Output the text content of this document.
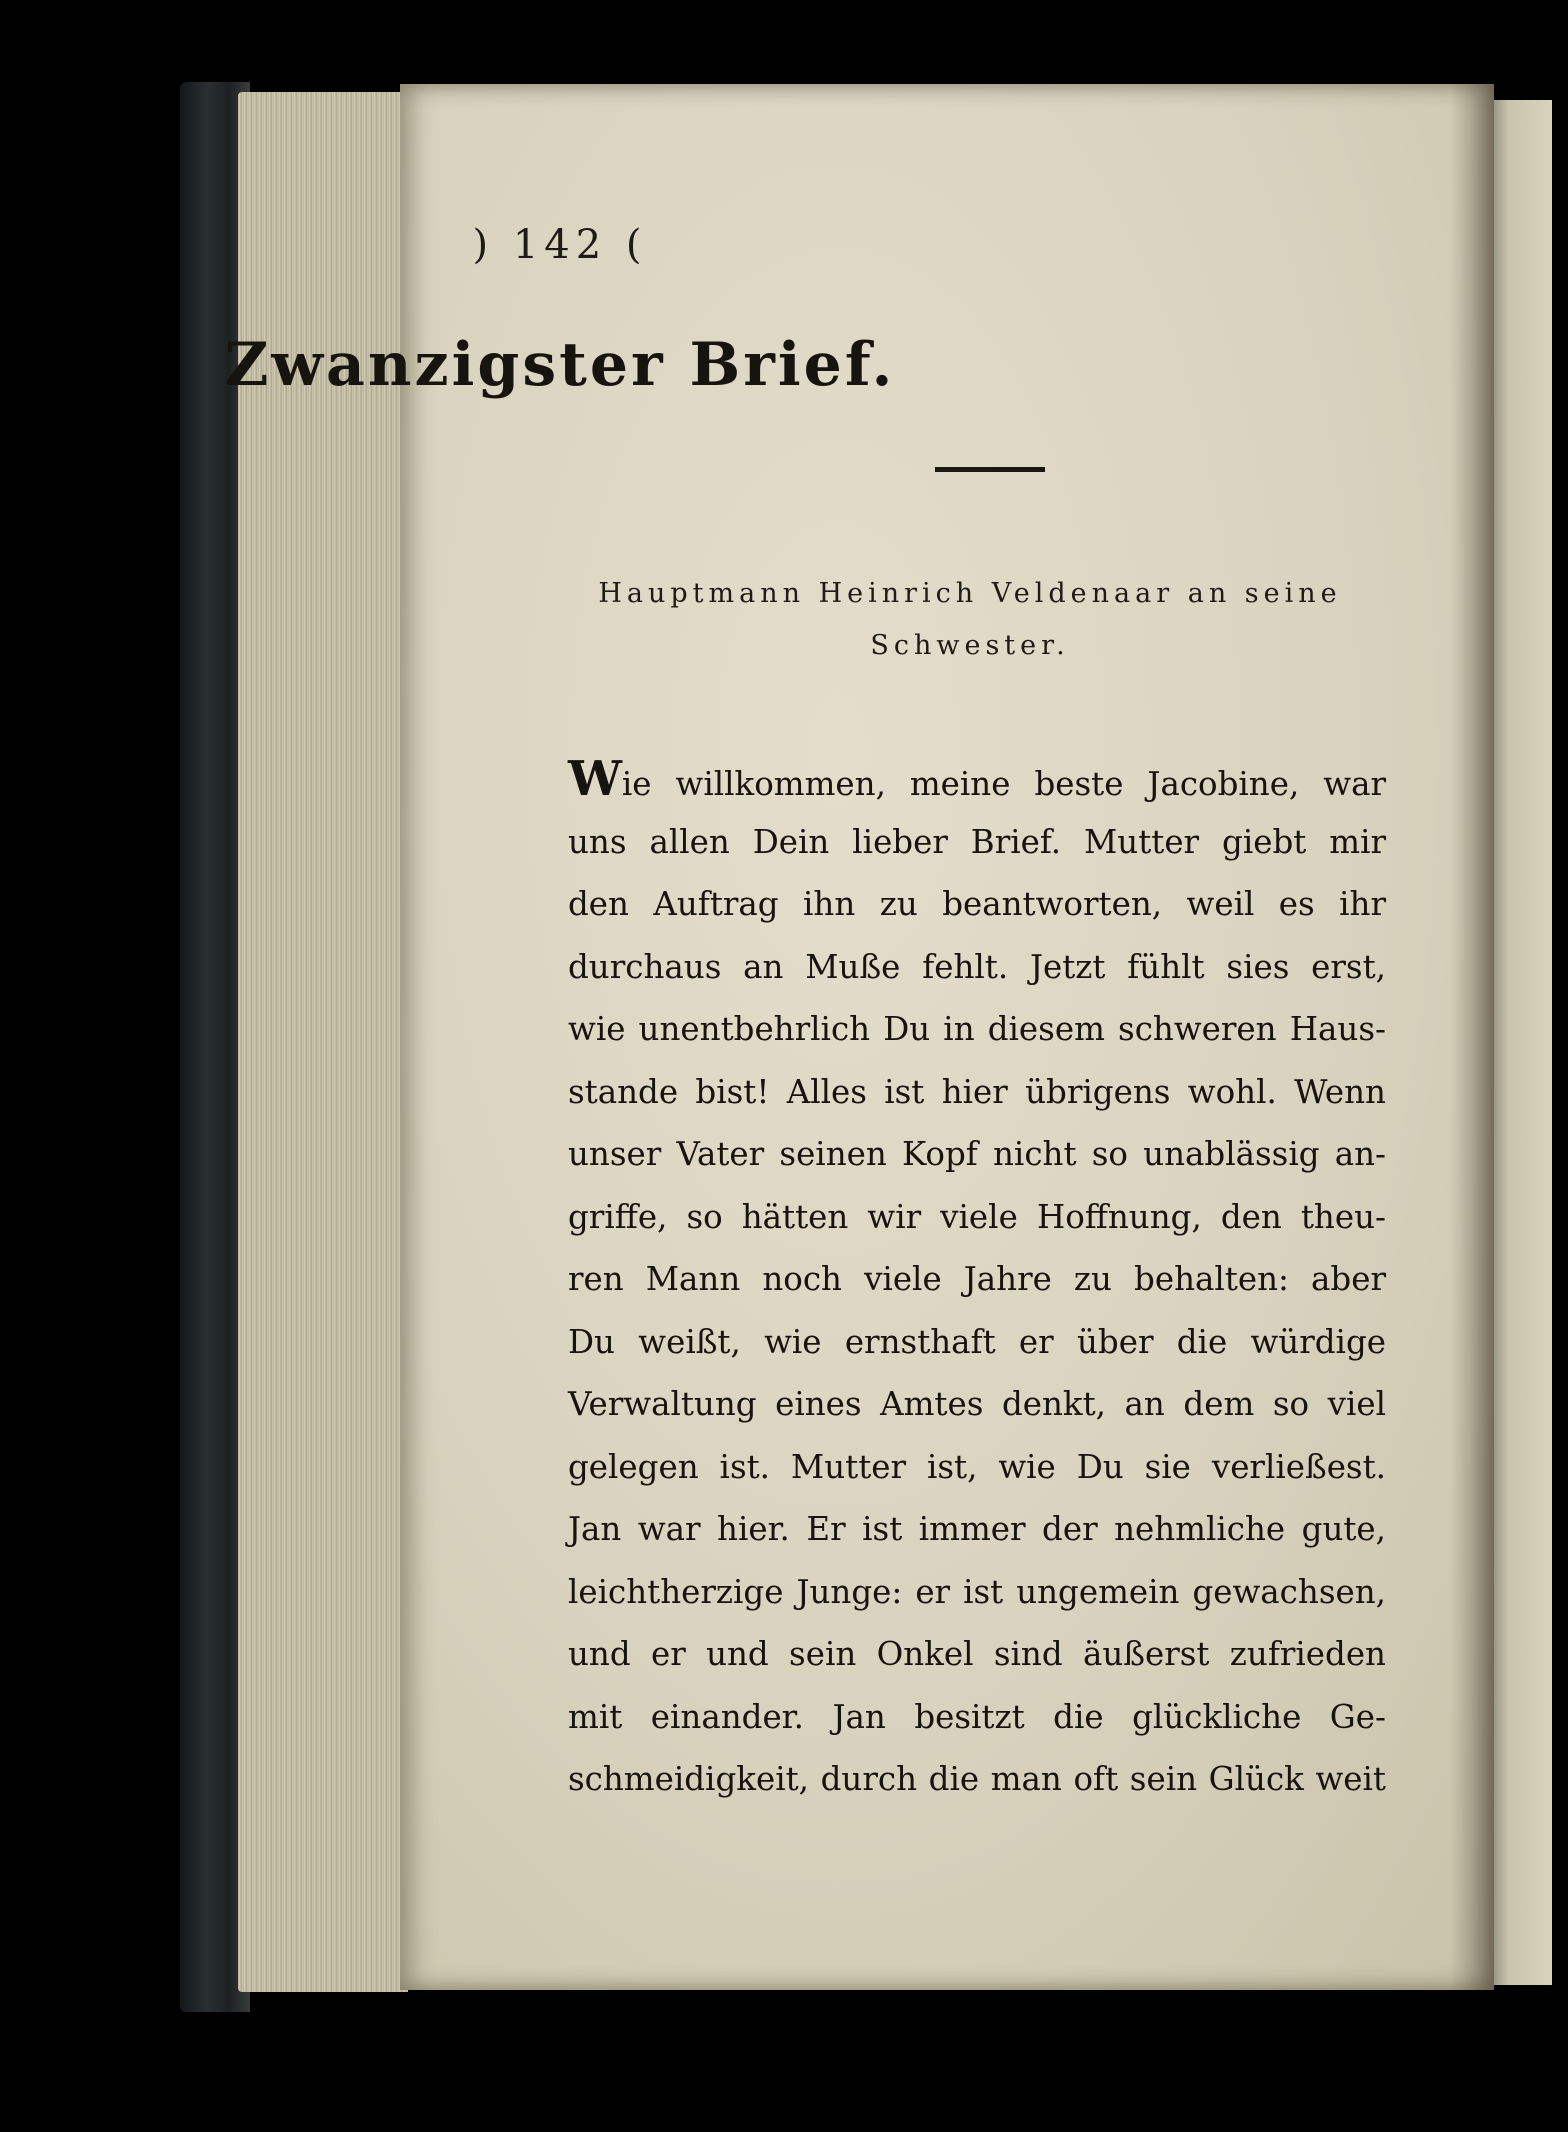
) 142 (
Zwanzigster Brief.
Hauptmann Heinrich Veldenaar an seine
Schwester.
Wie willkommen, meine beste Jacobine, war
uns allen Dein lieber Brief. Mutter giebt mir
den Auftrag ihn zu beantworten, weil es ihr
durchaus an Muße fehlt. Jetzt fühlt sies erst,
wie unentbehrlich Du in diesem schweren Haus-
stande bist! Alles ist hier übrigens wohl. Wenn
unser Vater seinen Kopf nicht so unablässig an-
griffe, so hätten wir viele Hoffnung, den theu-
ren Mann noch viele Jahre zu behalten: aber
Du weißt, wie ernsthaft er über die würdige
Verwaltung eines Amtes denkt, an dem so viel
gelegen ist. Mutter ist, wie Du sie verließest.
Jan war hier. Er ist immer der nehmliche gute,
leichtherzige Junge: er ist ungemein gewachsen,
und er und sein Onkel sind äußerst zufrieden
mit einander. Jan besitzt die glückliche Ge-
schmeidigkeit, durch die man oft sein Glück weit
